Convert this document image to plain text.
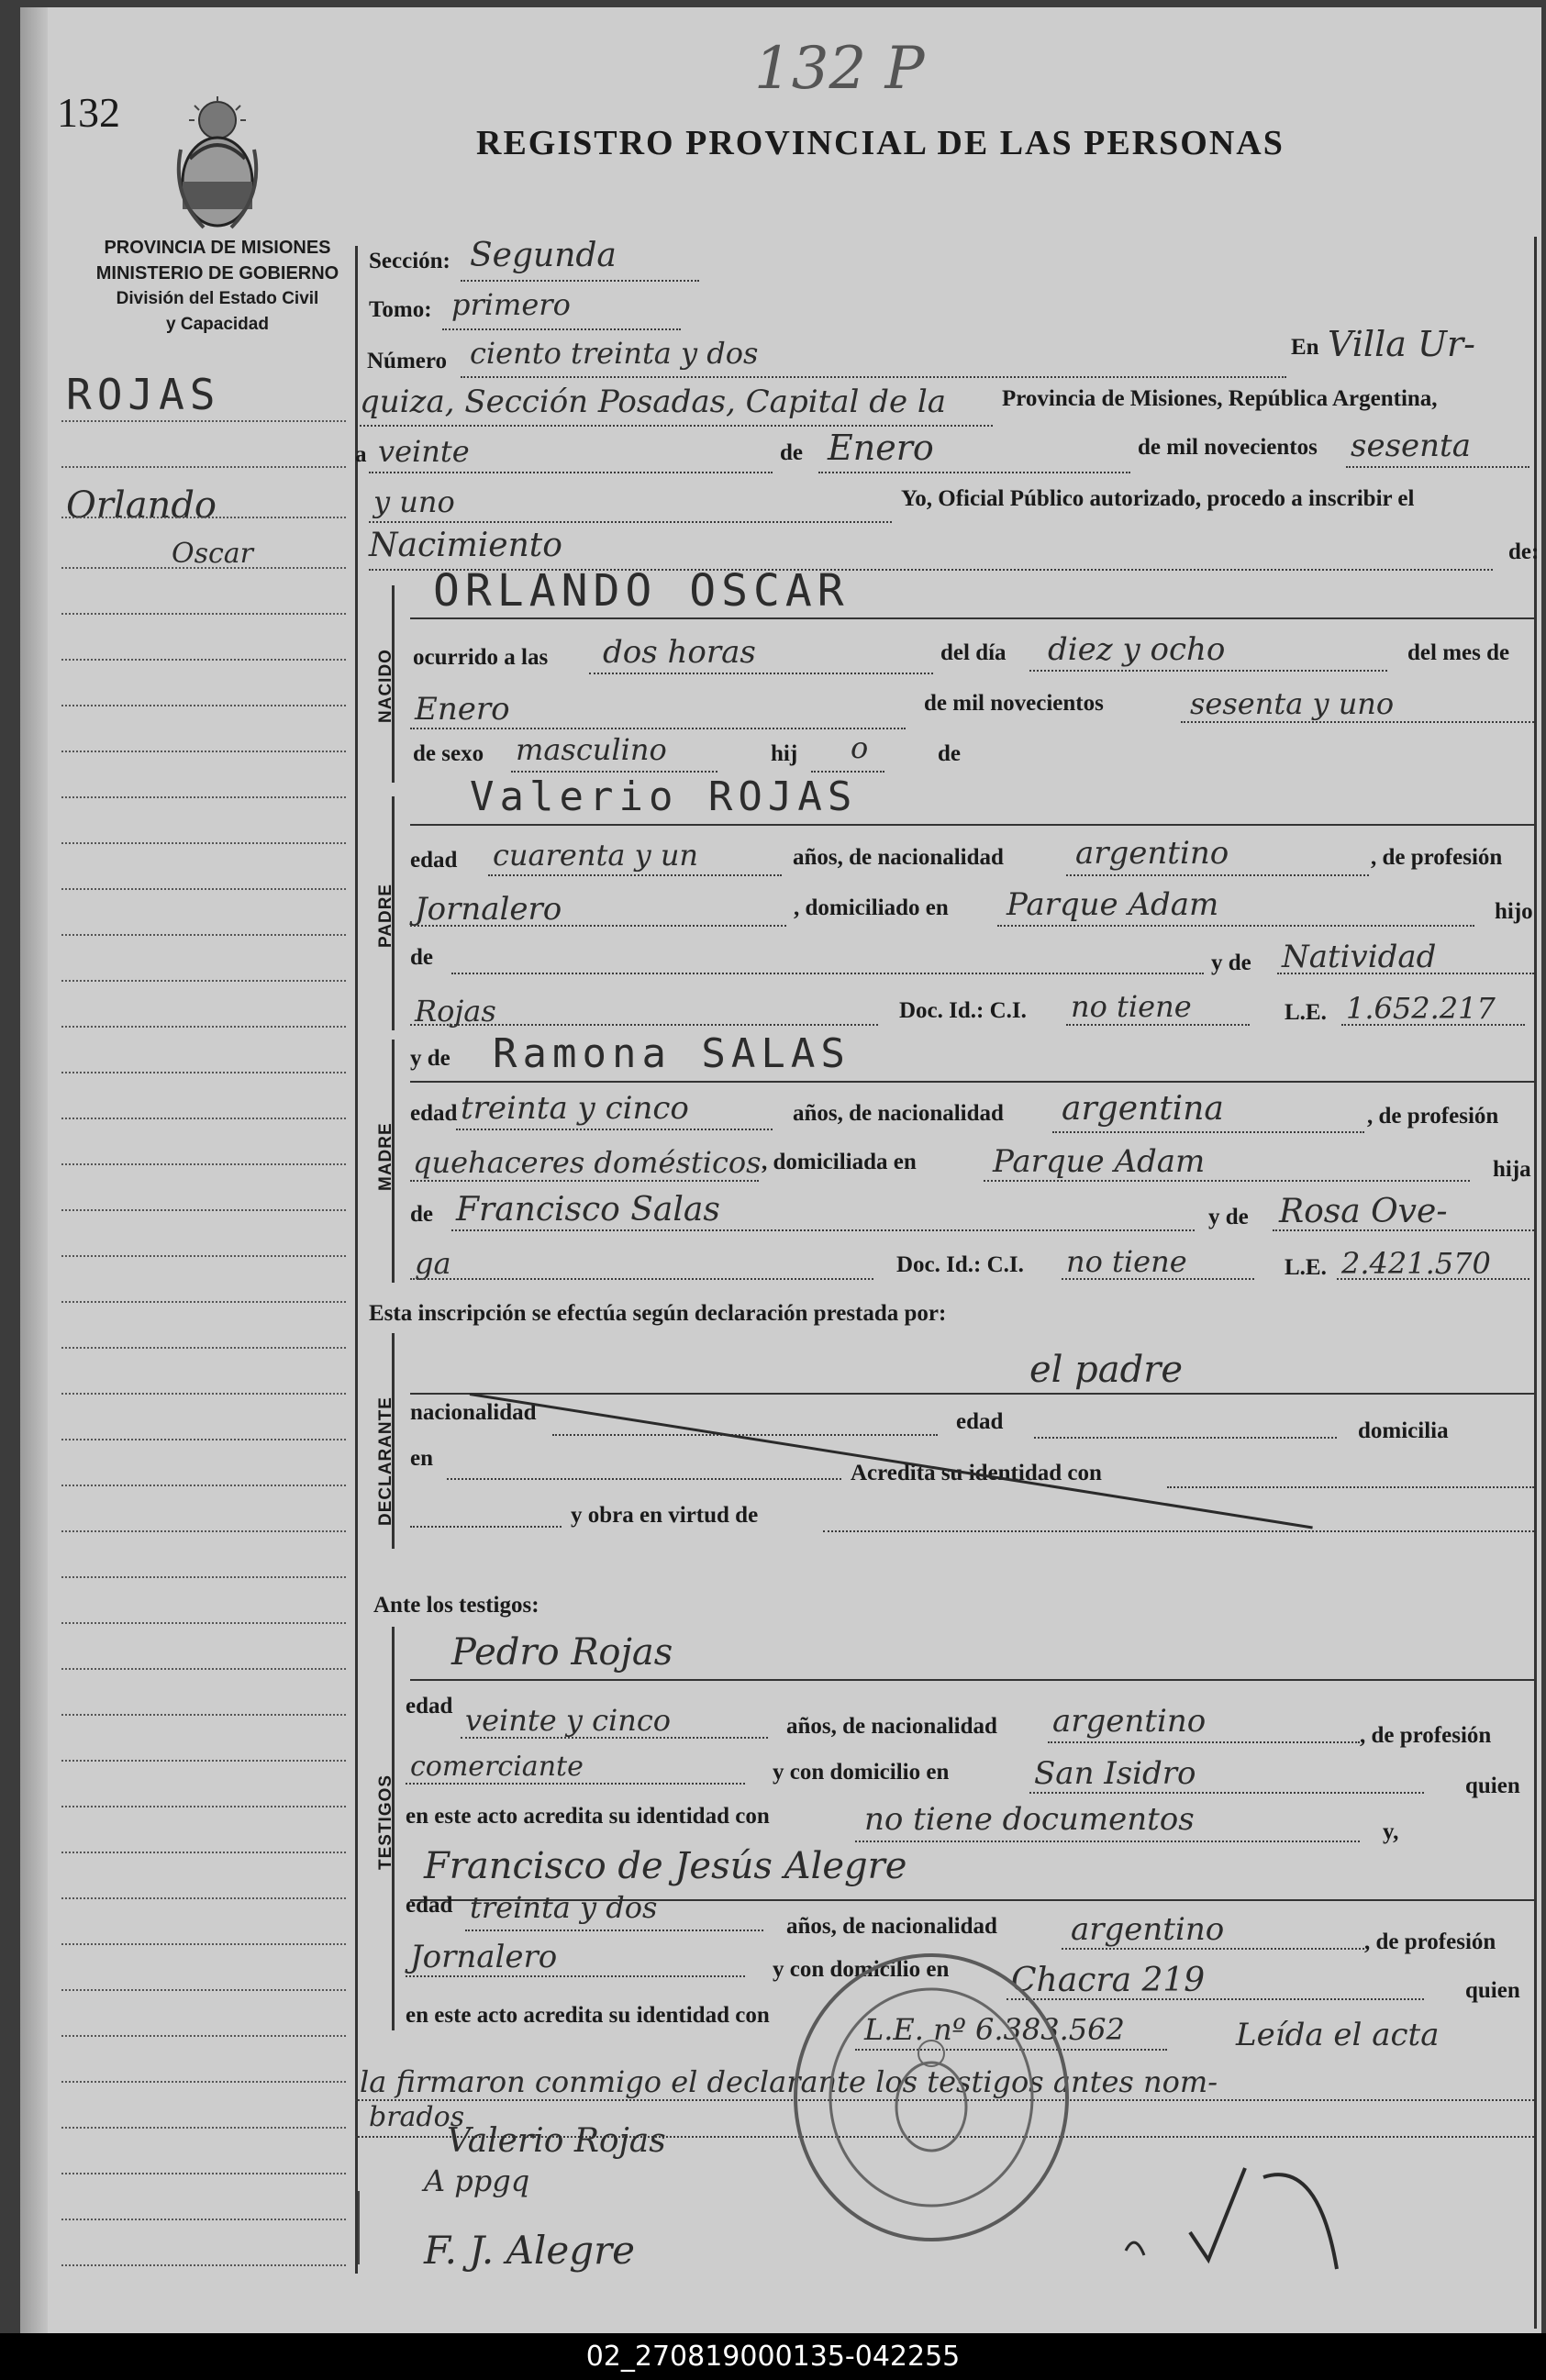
132
132 P
REGISTRO PROVINCIAL DE LAS PERSONAS
PROVINCIA DE MISIONES
MINISTERIO DE GOBIERNO
División del Estado Civil
y Capacidad
ROJAS
Orlando
Oscar
Sección: Segunda
Tomo: primero
Número ciento treinta y dos	En Villa Ur-
quiza, Sección Posadas, Capital de la Provincia de Misiones, República Argentina,
a veinte	de Enero	de mil novecientos sesenta
y uno	Yo, Oficial Público autorizado, procedo a inscribir el
Nacimiento	de:
NACIDO
ORLANDO OSCAR
ocurrido a las dos horas	del día diez y ocho	del mes de
Enero	de mil novecientos	sesenta y uno
de sexo masculino	hij o	de
PADRE
Valerio ROJAS
edad cuarenta y un	años, de nacionalidad argentino	, de profesión
Jornalero	, domiciliado en Parque Adam	hijo
de	y de Natividad
Rojas	Doc. Id.: C.I. no tiene	L.E. 1.652.217
MADRE
y de Ramona SALAS
edad treinta y cinco	años, de nacionalidad argentina	, de profesión
quehaceres domésticos , domiciliada en Parque Adam	hija
de Francisco Salas	y de Rosa Ove-
ga	Doc. Id.: C.I. no tiene	L.E. 2.421.570
Esta inscripción se efectúa según declaración prestada por:
DECLARANTE
el padre
nacionalidad	edad	domicilia
en
Acredita su identidad con
y obra en virtud de
Ante los testigos:
TESTIGOS
Pedro Rojas
edad veinte y cinco	años, de nacionalidad argentino	, de profesión
comerciante	y con domicilio en	San Isidro	quien
en este acto acredita su identidad con	no tiene documentos	y,
Francisco de Jesús Alegre
edad treinta y dos
años, de nacionalidad argentino	, de profesión
Jornalero	y con domicilio en Chacra 219	quien
en este acto acredita su identidad con	L.E. nº 6.383.562	Leída el acta
la firmaron conmigo el declarante los testigos antes nom-
brados
Valerio Rojas
A ppgq
F. J. Alegre
02_270819000135-042255
